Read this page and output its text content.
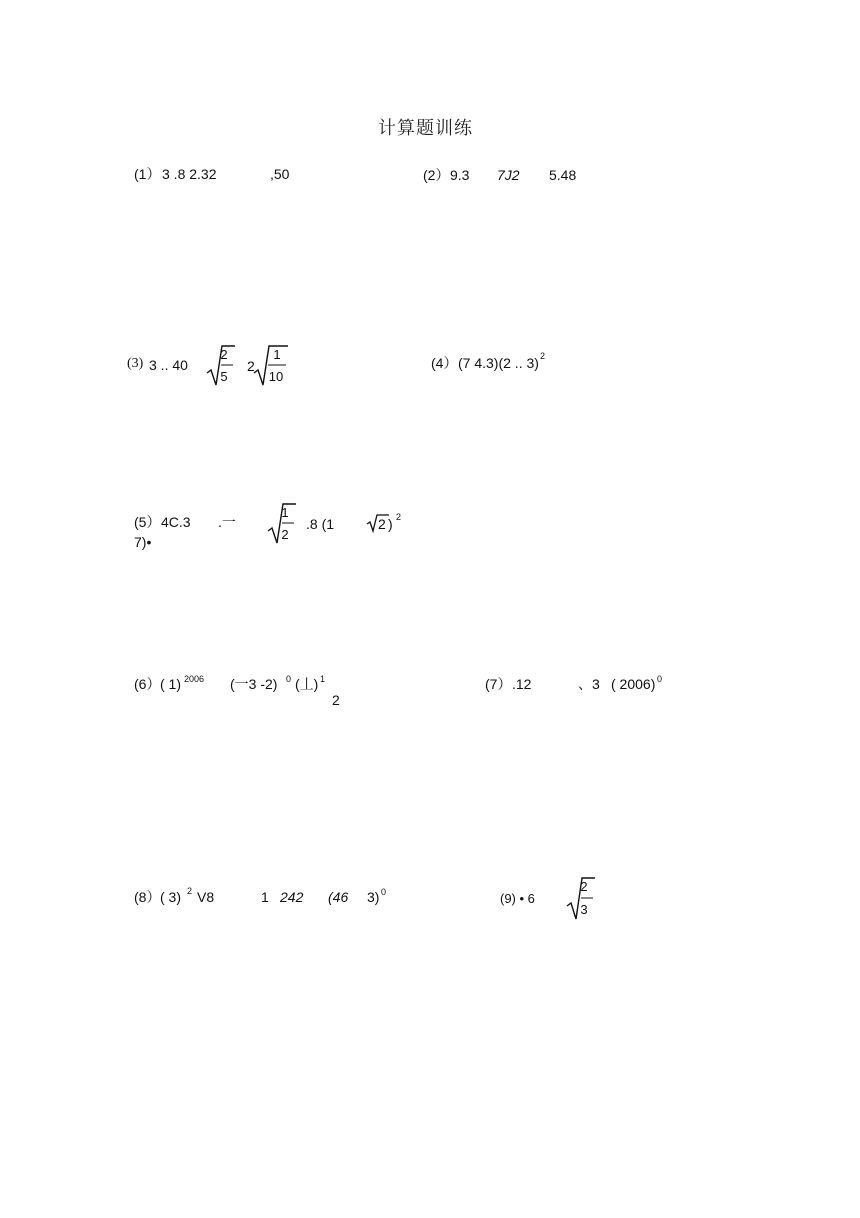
计算题训练
(1） 3 .8 2.32	,50	(2） 9.3 7J2 5.48
(3) 3 .. 40
2
5
2
1
10
(4） (7 4.3)(2 .. 3) 2
(5） 4C.3 .一
1
2
.8 (1	2 ) 2
7)•
(6） ( 1) 2006 (一3 -2) 0 (丄) 1
2
(7） .12	、3 ( 2006) 0
(8） ( 3) 2 V8	1 242 (46 3) 0	(9) • 6
2
3
